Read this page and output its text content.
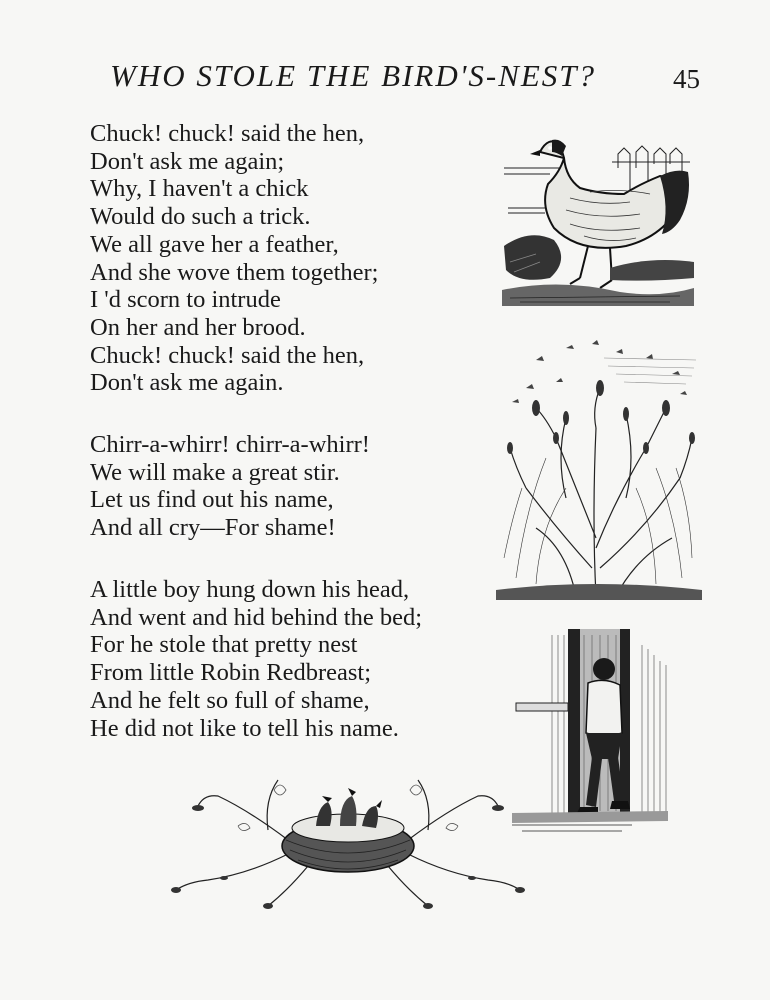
WHO STOLE THE BIRD'S-NEST?	45
Chuck! chuck! said the hen,
Don't ask me again;
Why, I haven't a chick
Would do such a trick.
We all gave her a feather,
And she wove them together;
I 'd scorn to intrude
On her and her brood.
Chuck! chuck! said the hen,
Don't ask me again.
Chirr-a-whirr! chirr-a-whirr!
We will make a great stir.
Let us find out his name,
And all cry—For shame!
A little boy hung down his head,
And went and hid behind the bed;
For he stole that pretty nest
From little Robin Redbreast;
And he felt so full of shame,
He did not like to tell his name.
